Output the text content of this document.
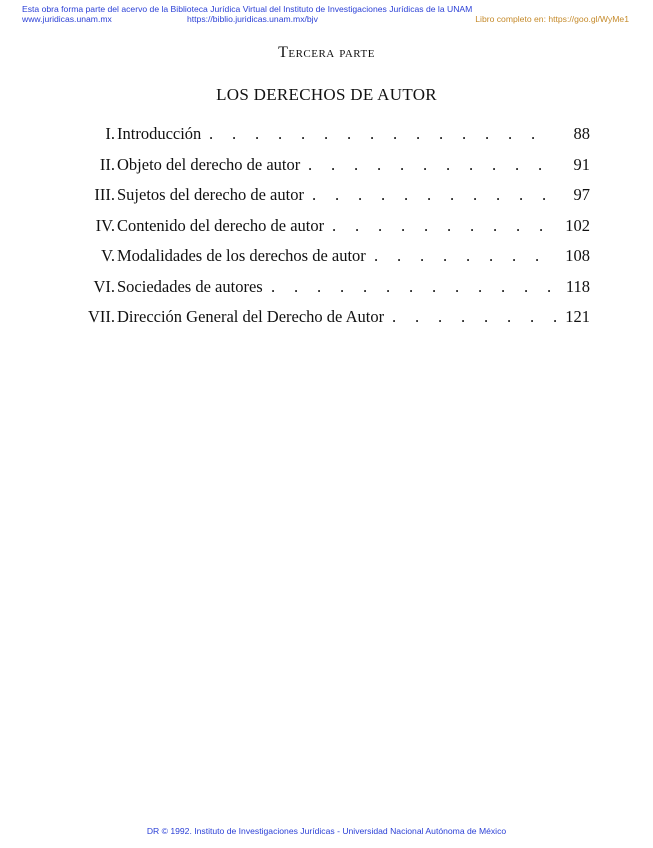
Esta obra forma parte del acervo de la Biblioteca Jurídica Virtual del Instituto de Investigaciones Jurídicas de la UNAM
www.juridicas.unam.mx	https://biblio.juridicas.unam.mx/bjv	Libro completo en: https://goo.gl/WyMe1
Tercera parte
LOS DERECHOS DE AUTOR
I. Introducción . . . . . . . . . . . . . . . 88
II. Objeto del derecho de autor . . . . . . . . . . . 91
III. Sujetos del derecho de autor . . . . . . . . . . . 97
IV. Contenido del derecho de autor . . . . . . . . . . 102
V. Modalidades de los derechos de autor . . . . . . . . 108
VI. Sociedades de autores . . . . . . . . . . . . . 118
VII. Dirección General del Derecho de Autor . . . . . . . . 121
DR © 1992. Instituto de Investigaciones Jurídicas - Universidad Nacional Autónoma de México
